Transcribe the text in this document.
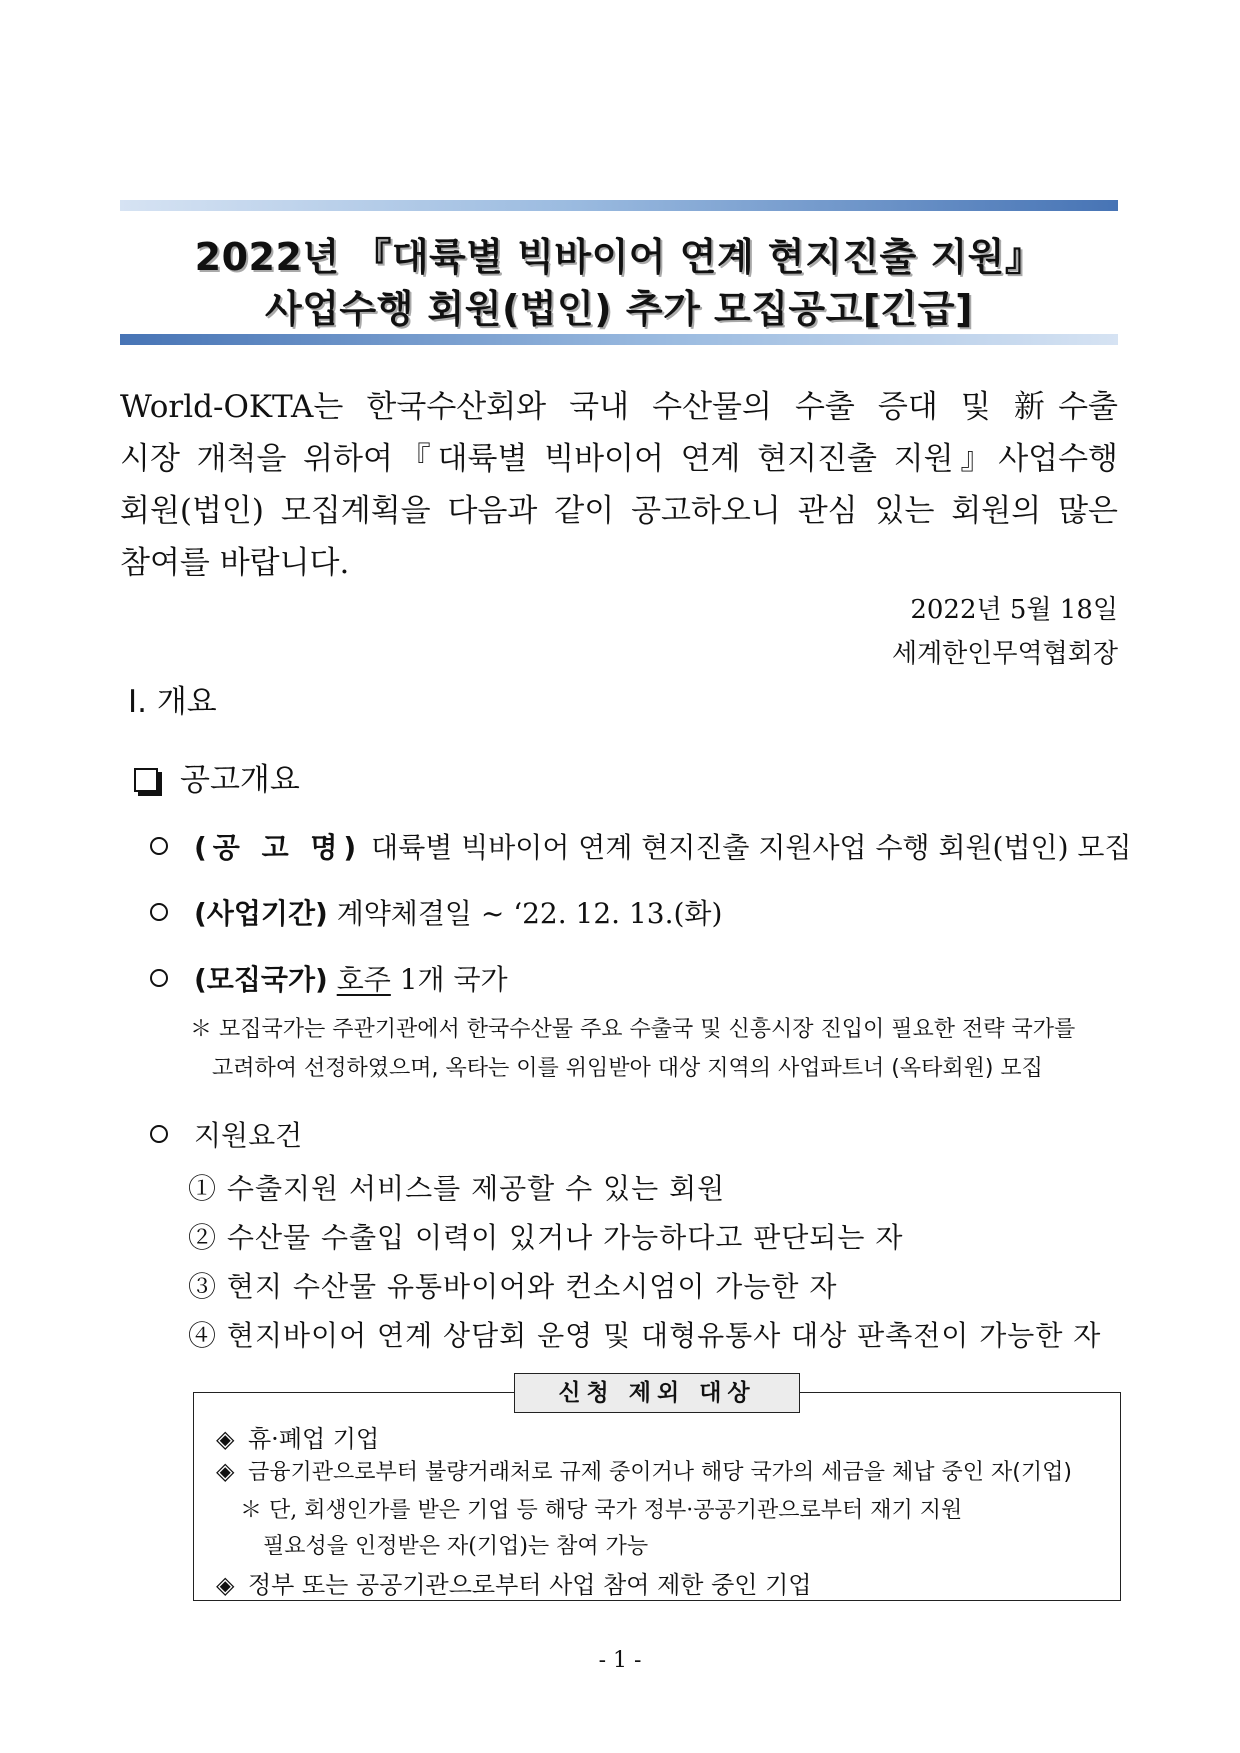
2022년 『대륙별 빅바이어 연계 현지진출 지원』
사업수행 회원(법인) 추가 모집공고[긴급]
World-OKTA는 한국수산회와 국내 수산물의 수출 증대 및 新수출
시장 개척을 위하여『대륙별 빅바이어 연계 현지진출 지원』사업수행
회원(법인) 모집계획을 다음과 같이 공고하오니 관심 있는 회원의 많은
참여를 바랍니다.
2022년 5월 18일
세계한인무역협회장
Ⅰ. 개요
공고개요
(공 고 명) 대륙별 빅바이어 연계 현지진출 지원사업 수행 회원(법인) 모집
(사업기간) 계약체결일 ~ ‘22. 12. 13.(화)
(모집국가) 호주 1개 국가
＊ 모집국가는 주관기관에서 한국수산물 주요 수출국 및 신흥시장 진입이 필요한 전략 국가를
고려하여 선정하였으며, 옥타는 이를 위임받아 대상 지역의 사업파트너 (옥타회원) 모집
지원요건
① 수출지원 서비스를 제공할 수 있는 회원
② 수산물 수출입 이력이 있거나 가능하다고 판단되는 자
③ 현지 수산물 유통바이어와 컨소시엄이 가능한 자
④ 현지바이어 연계 상담회 운영 및 대형유통사 대상 판촉전이 가능한 자
신청 제외 대상
◈ 휴·폐업 기업
◈ 금융기관으로부터 불량거래처로 규제 중이거나 해당 국가의 세금을 체납 중인 자(기업)
＊ 단, 회생인가를 받은 기업 등 해당 국가 정부·공공기관으로부터 재기 지원
필요성을 인정받은 자(기업)는 참여 가능
◈ 정부 또는 공공기관으로부터 사업 참여 제한 중인 기업
- 1 -
